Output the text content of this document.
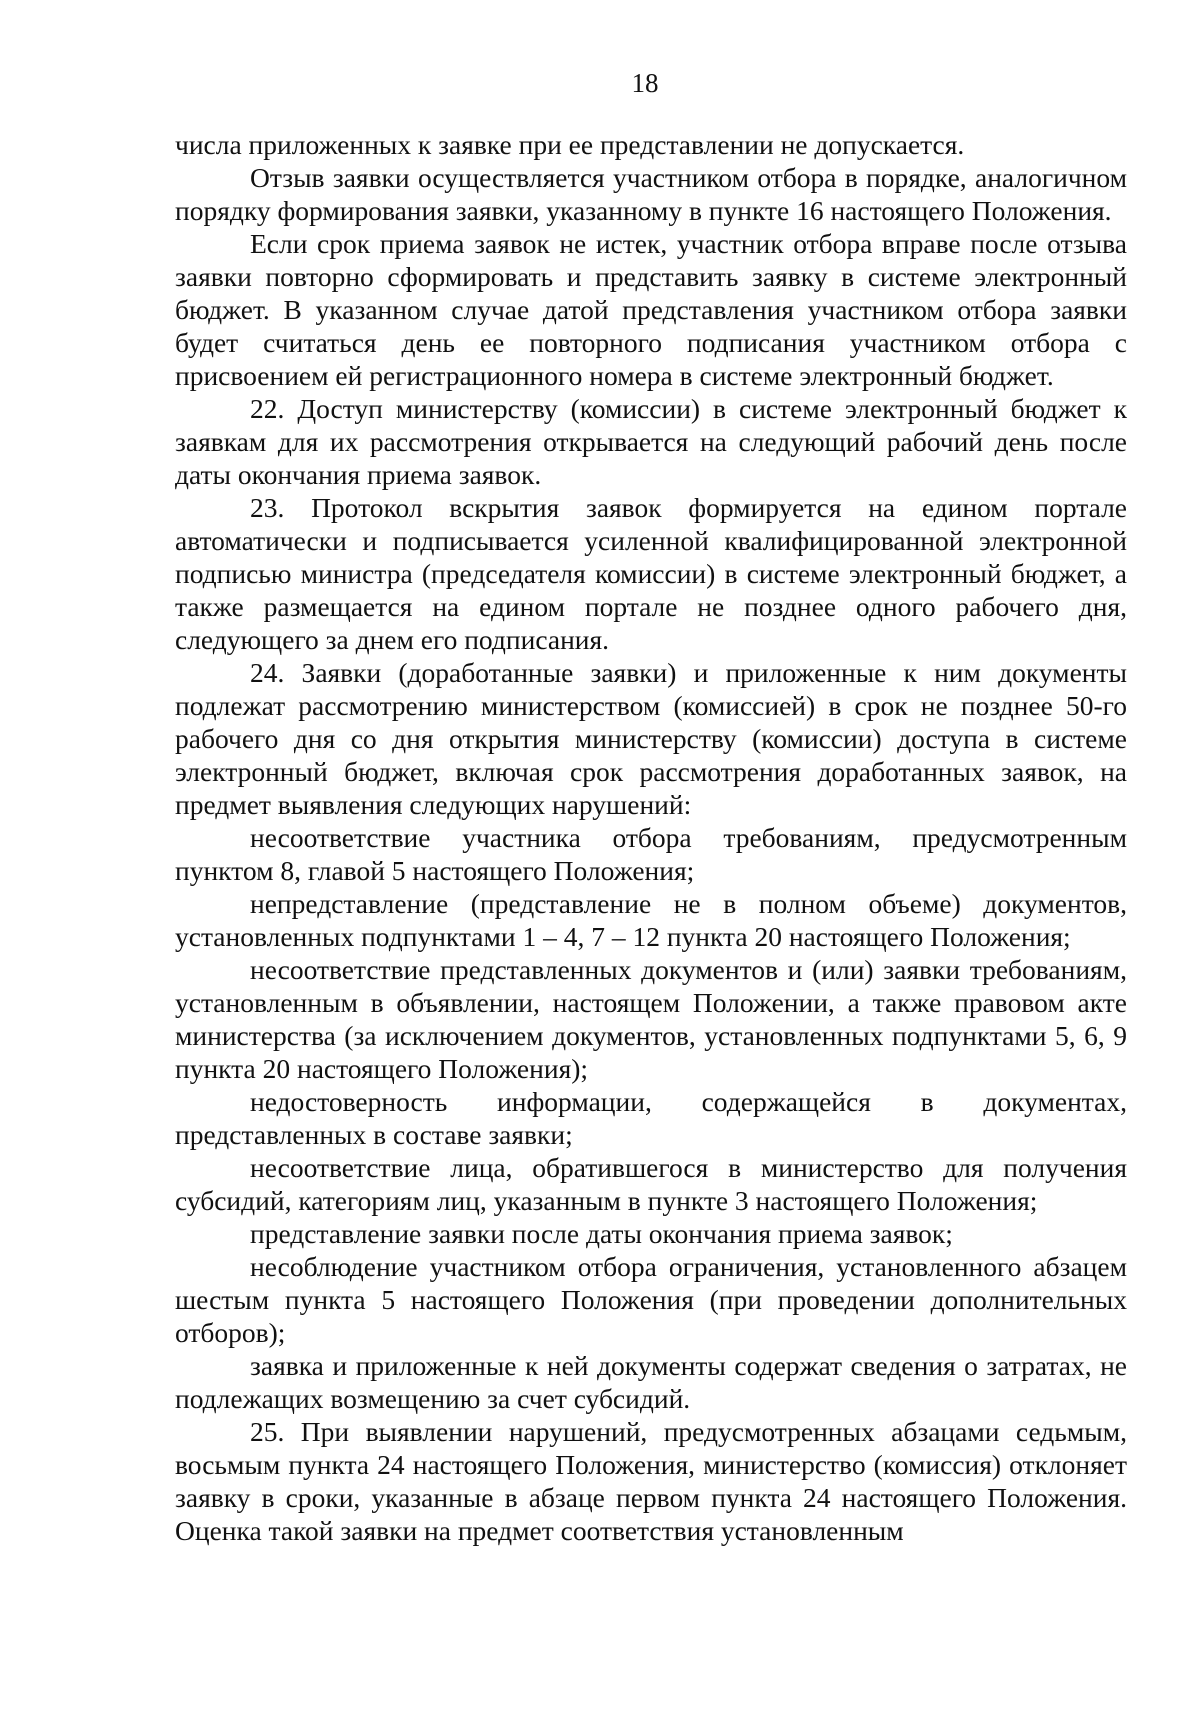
18

числа приложенных к заявке при ее представлении не допускается.

Отзыв заявки осуществляется участником отбора в порядке, аналогичном порядку формирования заявки, указанному в пункте 16 настоящего Положения.

Если срок приема заявок не истек, участник отбора вправе после отзыва заявки повторно сформировать и представить заявку в системе электронный бюджет. В указанном случае датой представления участником отбора заявки будет считаться день ее повторного подписания участником отбора с присвоением ей регистрационного номера в системе электронный бюджет.

22. Доступ министерству (комиссии) в системе электронный бюджет к заявкам для их рассмотрения открывается на следующий рабочий день после даты окончания приема заявок.

23. Протокол вскрытия заявок формируется на едином портале автоматически и подписывается усиленной квалифицированной электронной подписью министра (председателя комиссии) в системе электронный бюджет, а также размещается на едином портале не позднее одного рабочего дня, следующего за днем его подписания.

24. Заявки (доработанные заявки) и приложенные к ним документы подлежат рассмотрению министерством (комиссией) в срок не позднее 50-го рабочего дня со дня открытия министерству (комиссии) доступа в системе электронный бюджет, включая срок рассмотрения доработанных заявок, на предмет выявления следующих нарушений:

несоответствие участника отбора требованиям, предусмотренным пунктом 8, главой 5 настоящего Положения;

непредставление (представление не в полном объеме) документов, установленных подпунктами 1 – 4, 7 – 12 пункта 20 настоящего Положения;

несоответствие представленных документов и (или) заявки требованиям, установленным в объявлении, настоящем Положении, а также правовом акте министерства (за исключением документов, установленных подпунктами 5, 6, 9 пункта 20 настоящего Положения);

недостоверность информации, содержащейся в документах, представленных в составе заявки;

несоответствие лица, обратившегося в министерство для получения субсидий, категориям лиц, указанным в пункте 3 настоящего Положения;

представление заявки после даты окончания приема заявок;

несоблюдение участником отбора ограничения, установленного абзацем шестым пункта 5 настоящего Положения (при проведении дополнительных отборов);

заявка и приложенные к ней документы содержат сведения о затратах, не подлежащих возмещению за счет субсидий.

25. При выявлении нарушений, предусмотренных абзацами седьмым, восьмым пункта 24 настоящего Положения, министерство (комиссия) отклоняет заявку в сроки, указанные в абзаце первом пункта 24 настоящего Положения. Оценка такой заявки на предмет соответствия установленным
